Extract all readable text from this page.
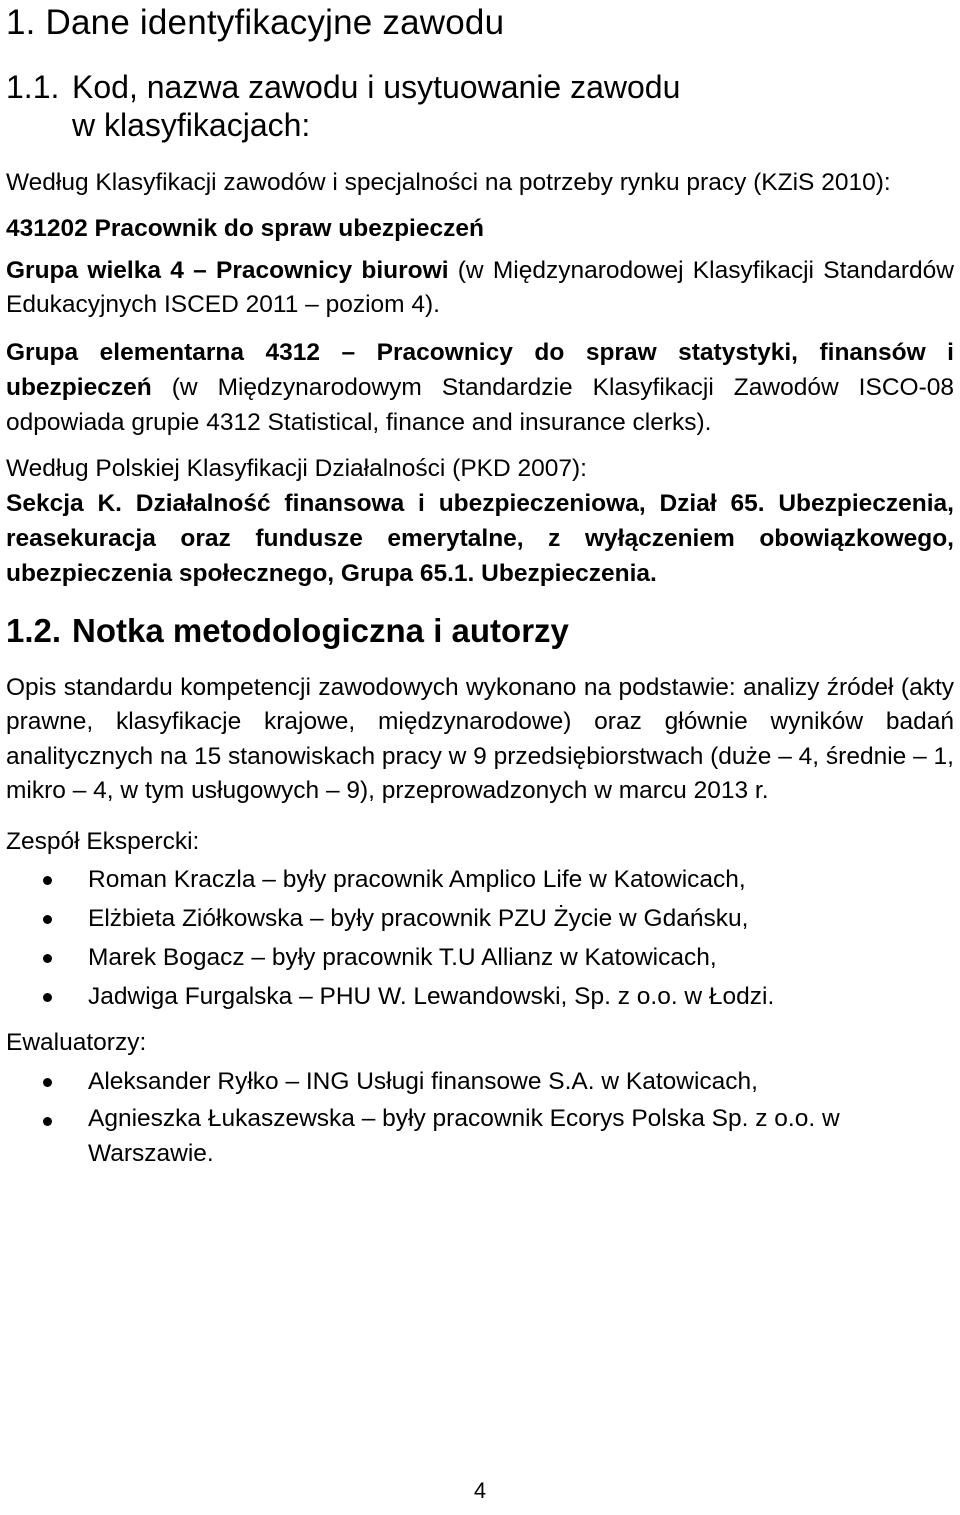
1. Dane identyfikacyjne zawodu
1.1. Kod, nazwa zawodu i usytuowanie zawodu
w klasyfikacjach:

Według Klasyfikacji zawodów i specjalności na potrzeby rynku pracy (KZiS 2010):

431202 Pracownik do spraw ubezpieczeń

Grupa wielka 4 – Pracownicy biurowi (w Międzynarodowej Klasyfikacji Standardów Edukacyjnych ISCED 2011 – poziom 4).

Grupa elementarna 4312 – Pracownicy do spraw statystyki, finansów i ubezpieczeń (w Międzynarodowym Standardzie Klasyfikacji Zawodów ISCO-08 odpowiada grupie 4312 Statistical, finance and insurance clerks).

Według Polskiej Klasyfikacji Działalności (PKD 2007):

Sekcja K. Działalność finansowa i ubezpieczeniowa, Dział 65. Ubezpieczenia, reasekuracja oraz fundusze emerytalne, z wyłączeniem obowiązkowego, ubezpieczenia społecznego, Grupa 65.1. Ubezpieczenia.

1.2. Notka metodologiczna i autorzy

Opis standardu kompetencji zawodowych wykonano na podstawie: analizy źródeł (akty prawne, klasyfikacje krajowe, międzynarodowe) oraz głównie wyników badań analitycznych na 15 stanowiskach pracy w 9 przedsiębiorstwach (duże – 4, średnie – 1, mikro – 4, w tym usługowych – 9), przeprowadzonych w marcu 2013 r.

Zespół Ekspercki:

Roman Kraczla – były pracownik Amplico Life w Katowicach,
Elżbieta Ziółkowska – były pracownik PZU Życie w Gdańsku,
Marek Bogacz – były pracownik T.U Allianz w Katowicach,
Jadwiga Furgalska – PHU W. Lewandowski, Sp. z o.o. w Łodzi.

Ewaluatorzy:

Aleksander Ryłko – ING Usługi finansowe S.A. w Katowicach,
Agnieszka Łukaszewska – były pracownik Ecorys Polska Sp. z o.o. w Warszawie.
4
